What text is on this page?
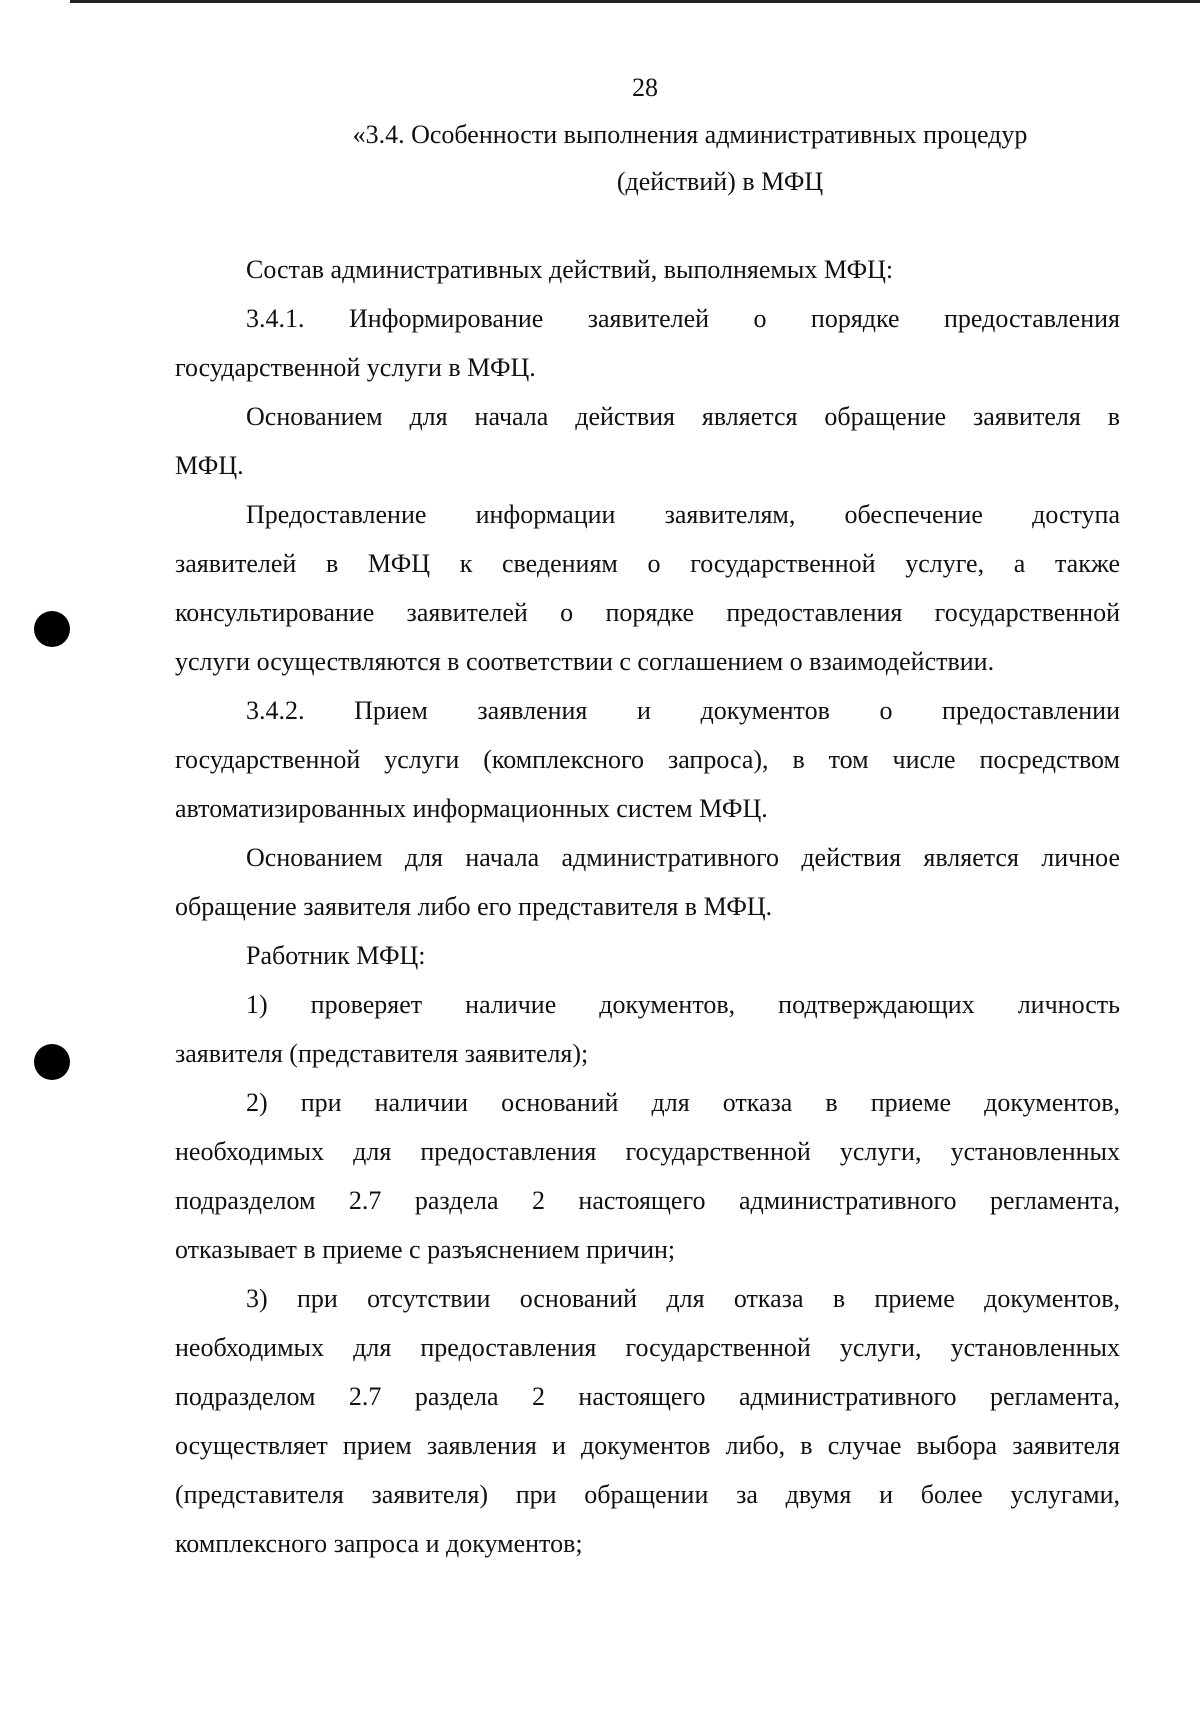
28
«3.4. Особенности выполнения административных процедур
(действий) в МФЦ
Состав административных действий, выполняемых МФЦ:
3.4.1. Информирование заявителей о порядке предоставления
государственной услуги в МФЦ.
Основанием для начала действия является обращение заявителя в
МФЦ.
Предоставление информации заявителям, обеспечение доступа
заявителей в МФЦ к сведениям о государственной услуге, а также
консультирование заявителей о порядке предоставления государственной
услуги осуществляются в соответствии с соглашением о взаимодействии.
3.4.2. Прием заявления и документов о предоставлении
государственной услуги (комплексного запроса), в том числе посредством
автоматизированных информационных систем МФЦ.
Основанием для начала административного действия является личное
обращение заявителя либо его представителя в МФЦ.
Работник МФЦ:
1) проверяет наличие документов, подтверждающих личность
заявителя (представителя заявителя);
2) при наличии оснований для отказа в приеме документов,
необходимых для предоставления государственной услуги, установленных
подразделом 2.7 раздела 2 настоящего административного регламента,
отказывает в приеме с разъяснением причин;
3) при отсутствии оснований для отказа в приеме документов,
необходимых для предоставления государственной услуги, установленных
подразделом 2.7 раздела 2 настоящего административного регламента,
осуществляет прием заявления и документов либо, в случае выбора заявителя
(представителя заявителя) при обращении за двумя и более услугами,
комплексного запроса и документов;
